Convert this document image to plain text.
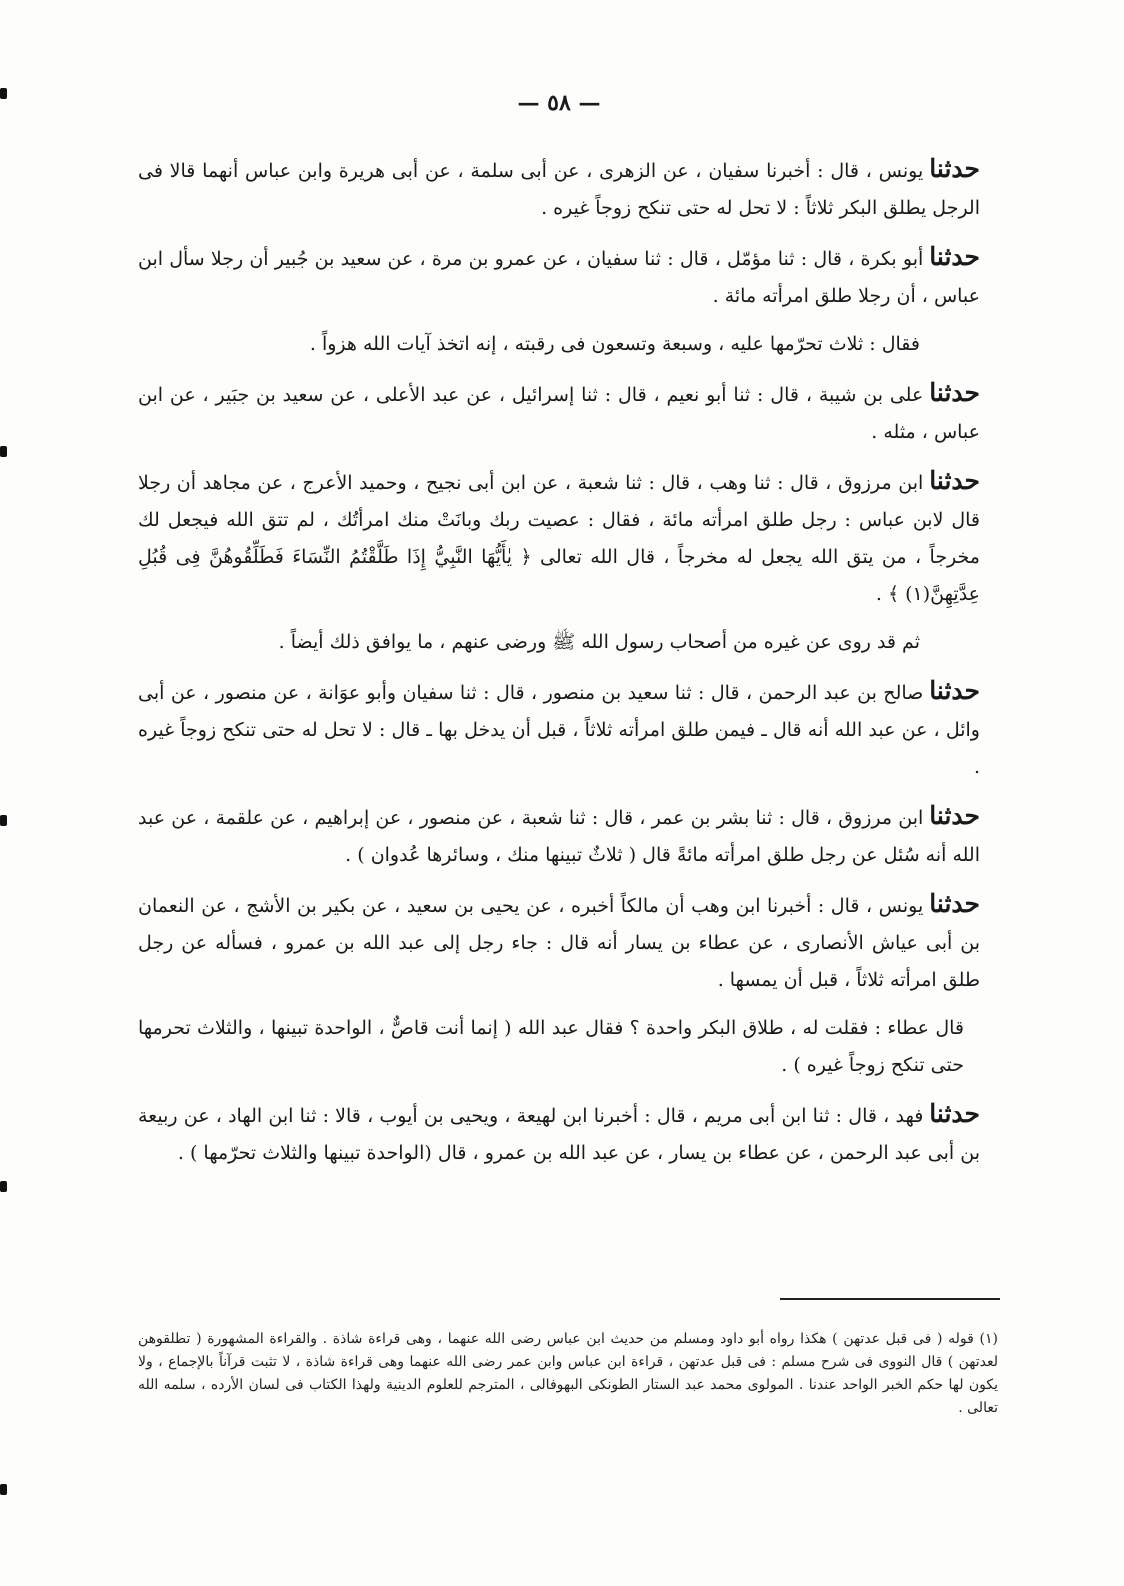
— ٥٨ —

حدثنايونس ، قال : أخبرنا سفيان ، عن الزهرى ، عن أبى سلمة ، عن أبى هريرة وابن عباس أنهما قالا فى الرجل يطلق البكر ثلاثاً : لا تحل له حتى تنكح زوجاً غيره .

حدثناأبو بكرة ، قال : ثنا مؤمّل ، قال : ثنا سفيان ، عن عمرو بن مرة ، عن سعيد بن جُبير أن رجلا سأل ابن عباس ، أن رجلا طلق امرأته مائة .

فقال : ثلاث تحرّمها عليه ، وسبعة وتسعون فى رقبته ، إنه اتخذ آيات الله هزواً .

حدثناعلى بن شيبة ، قال : ثنا أبو نعيم ، قال : ثنا إسرائيل ، عن عبد الأعلى ، عن سعيد بن جبَير ، عن ابن عباس ، مثله .

حدثناابن مرزوق ، قال : ثنا وهب ، قال : ثنا شعبة ، عن ابن أبى نجيح ، وحميد الأعرج ، عن مجاهد أن رجلا قال لابن عباس : رجل طلق امرأته مائة ، فقال : عصيت ربك وبانَتْ منك امرأتُك ، لم تتق الله فيجعل لك مخرجاً ، من يتق الله يجعل له مخرجاً ، قال الله تعالى ﴿ يٰأَيُّهَا النَّبِيُّ إِذَا طَلَّقْتُمُ النِّسَاءَ فَطَلِّقُوهُنَّ فِى قُبُلِ عِدَّتِهِنَّ(١) ﴾ .

ثم قد روى عن غيره من أصحاب رسول الله ﷺ ورضى عنهم ، ما يوافق ذلك أيضاً .

حدثناصالح بن عبد الرحمن ، قال : ثنا سعيد بن منصور ، قال : ثنا سفيان وأبو عوَانة ، عن منصور ، عن أبى وائل ، عن عبد الله أنه قال ـ فيمن طلق امرأته ثلاثاً ، قبل أن يدخل بها ـ قال : لا تحل له حتى تنكح زوجاً غيره .

حدثناابن مرزوق ، قال : ثنا بشر بن عمر ، قال : ثنا شعبة ، عن منصور ، عن إبراهيم ، عن علقمة ، عن عبد الله أنه سُئل عن رجل طلق امرأته مائةً قال ( ثلاثٌ تبينها منك ، وسائرها عُدوان ) .

حدثنايونس ، قال : أخبرنا ابن وهب أن مالكاً أخبره ، عن يحيى بن سعيد ، عن بكير بن الأشج ، عن النعمان بن أبى عياش الأنصارى ، عن عطاء بن يسار أنه قال : جاء رجل إلى عبد الله بن عمرو ، فسأله عن رجل طلق امرأته ثلاثاً ، قبل أن يمسها .

قال عطاء : فقلت له ، طلاق البكر واحدة ؟ فقال عبد الله ( إنما أنت قاصٌّ ، الواحدة تبينها ، والثلاث تحرمها حتى تنكح زوجاً غيره ) .

حدثنافهد ، قال : ثنا ابن أبى مريم ، قال : أخبرنا ابن لهيعة ، ويحيى بن أيوب ، قالا : ثنا ابن الهاد ، عن ربيعة بن أبى عبد الرحمن ، عن عطاء بن يسار ، عن عبد الله بن عمرو ، قال (الواحدة تبينها والثلاث تحرّمها ) .

(١) قوله ( فى قبل عدتهن ) هكذا رواه أبو داود ومسلم من حديث ابن عباس رضى الله عنهما ، وهى قراءة شاذة . والقراءة المشهورة ( تطلقوهن لعدتهن ) قال النووى فى شرح مسلم : فى قبل عدتهن ، قراءة ابن عباس وابن عمر رضى الله عنهما وهى قراءة شاذة ، لا تثبت قرآناً بالإجماع ، ولا يكون لها حكم الخبر الواحد عندنا . المولوى محمد عبد الستار الطونكى البهوفالى ، المترجم للعلوم الدينية ولهذا الكتاب فى لسان الأرده ، سلمه الله تعالى .
